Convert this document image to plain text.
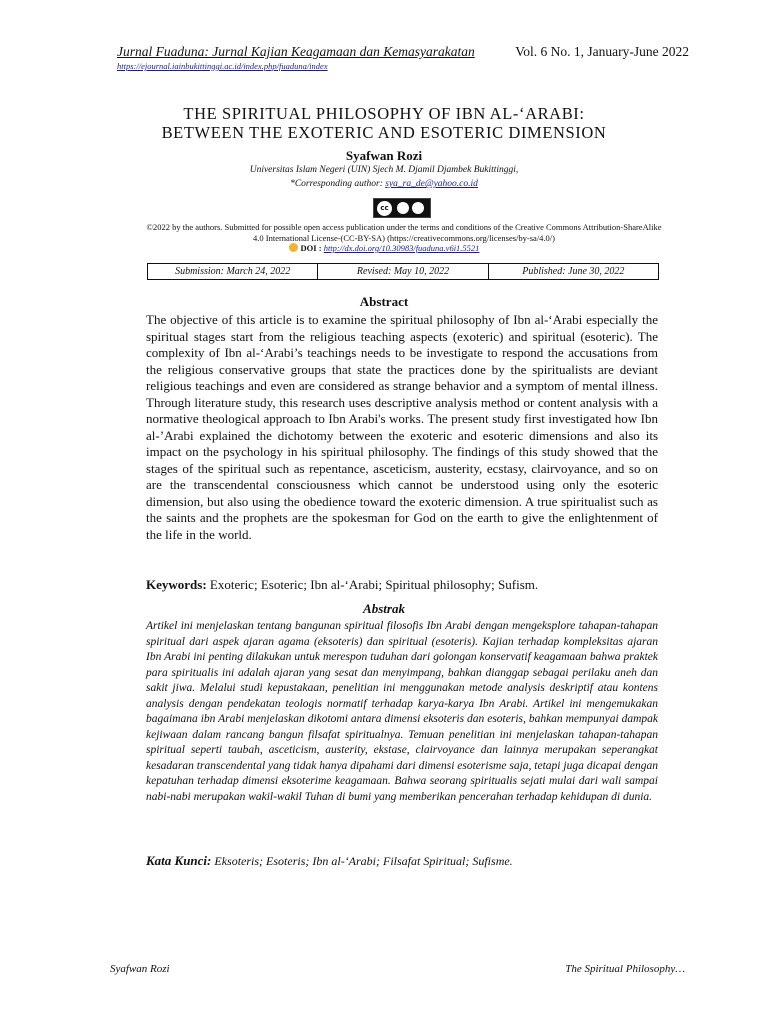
Jurnal Fuaduna: Jurnal Kajian Keagamaan dan Kemasyarakatan	Vol. 6 No. 1, January-June 2022
https://ejournal.iainbukittinggi.ac.id/index.php/fuaduna/index
THE SPIRITUAL PHILOSOPHY OF IBN AL-‘ARABI:
BETWEEN THE EXOTERIC AND ESOTERIC DIMENSION
Syafwan Rozi
Universitas Islam Negeri (UIN) Sjech M. Djamil Djambek Bukittinggi,
*Corresponding author: sya_ra_de@yahoo.co.id
cc
©2022 by the authors. Submitted for possible open access publication under the terms and conditions of the Creative Commons Attribution-ShareAlike 4.0 International License-(CC-BY-SA) (https://creativecommons.org/licenses/by-sa/4.0/)
DOI : http://dx.doi.org/10.30983/fuaduna.v6i1.5521
Submission: March 24, 2022	Revised: May 10, 2022	Published: June 30, 2022
Abstract

The objective of this article is to examine the spiritual philosophy of Ibn al-‘Arabi especially the spiritual stages start from the religious teaching aspects (exoteric) and spiritual (esoteric). The complexity of Ibn al-‘Arabi’s teachings needs to be investigate to respond the accusations from the religious conservative groups that state the practices done by the spiritualists are deviant religious teachings and even are considered as strange behavior and a symptom of mental illness. Through literature study, this research uses descriptive analysis method or content analysis with a normative theological approach to Ibn Arabi's works. The present study first investigated how Ibn al-’Arabi explained the dichotomy between the exoteric and esoteric dimensions and also its impact on the psychology in his spiritual philosophy. The findings of this study showed that the stages of the spiritual such as repentance, asceticism, austerity, ecstasy, clairvoyance, and so on are the transcendental consciousness which cannot be understood using only the esoteric dimension, but also using the obedience toward the exoteric dimension. A true spiritualist such as the saints and the prophets are the spokesman for God on the earth to give the enlightenment of the life in the world.

Keywords: Exoteric; Esoteric; Ibn al-‘Arabi; Spiritual philosophy; Sufism.
Abstrak

Artikel ini menjelaskan tentang bangunan spiritual filosofis Ibn Arabi dengan mengeksplore tahapan-tahapan spiritual dari aspek ajaran agama (eksoteris) dan spiritual (esoteris). Kajian terhadap kompleksitas ajaran Ibn Arabi ini penting dilakukan untuk merespon tuduhan dari golongan konservatif keagamaan bahwa praktek para spiritualis ini adalah ajaran yang sesat dan menyimpang, bahkan dianggap sebagai perilaku aneh dan sakit jiwa. Melalui studi kepustakaan, penelitian ini menggunakan metode analysis deskriptif atau kontens analysis dengan pendekatan teologis normatif terhadap karya-karya Ibn Arabi. Artikel ini mengemukakan bagaimana ibn Arabi menjelaskan dikotomi antara dimensi eksoteris dan esoteris, bahkan mempunyai dampak kejiwaan dalam rancang bangun filsafat spiritualnya. Temuan penelitian ini menjelaskan tahapan-tahapan spiritual seperti taubah, asceticism, austerity, ekstase, clairvoyance dan lainnya merupakan seperangkat kesadaran transcendental yang tidak hanya dipahami dari dimensi esoterisme saja, tetapi juga dicapai dengan kepatuhan terhadap dimensi eksoterime keagamaan. Bahwa seorang spiritualis sejati mulai dari wali sampai nabi-nabi merupakan wakil-wakil Tuhan di bumi yang memberikan pencerahan terhadap kehidupan di dunia.

Kata Kunci: Eksoteris; Esoteris; Ibn al-‘Arabi; Filsafat Spiritual; Sufisme.
Syafwan Rozi	The Spiritual Philosophy…
